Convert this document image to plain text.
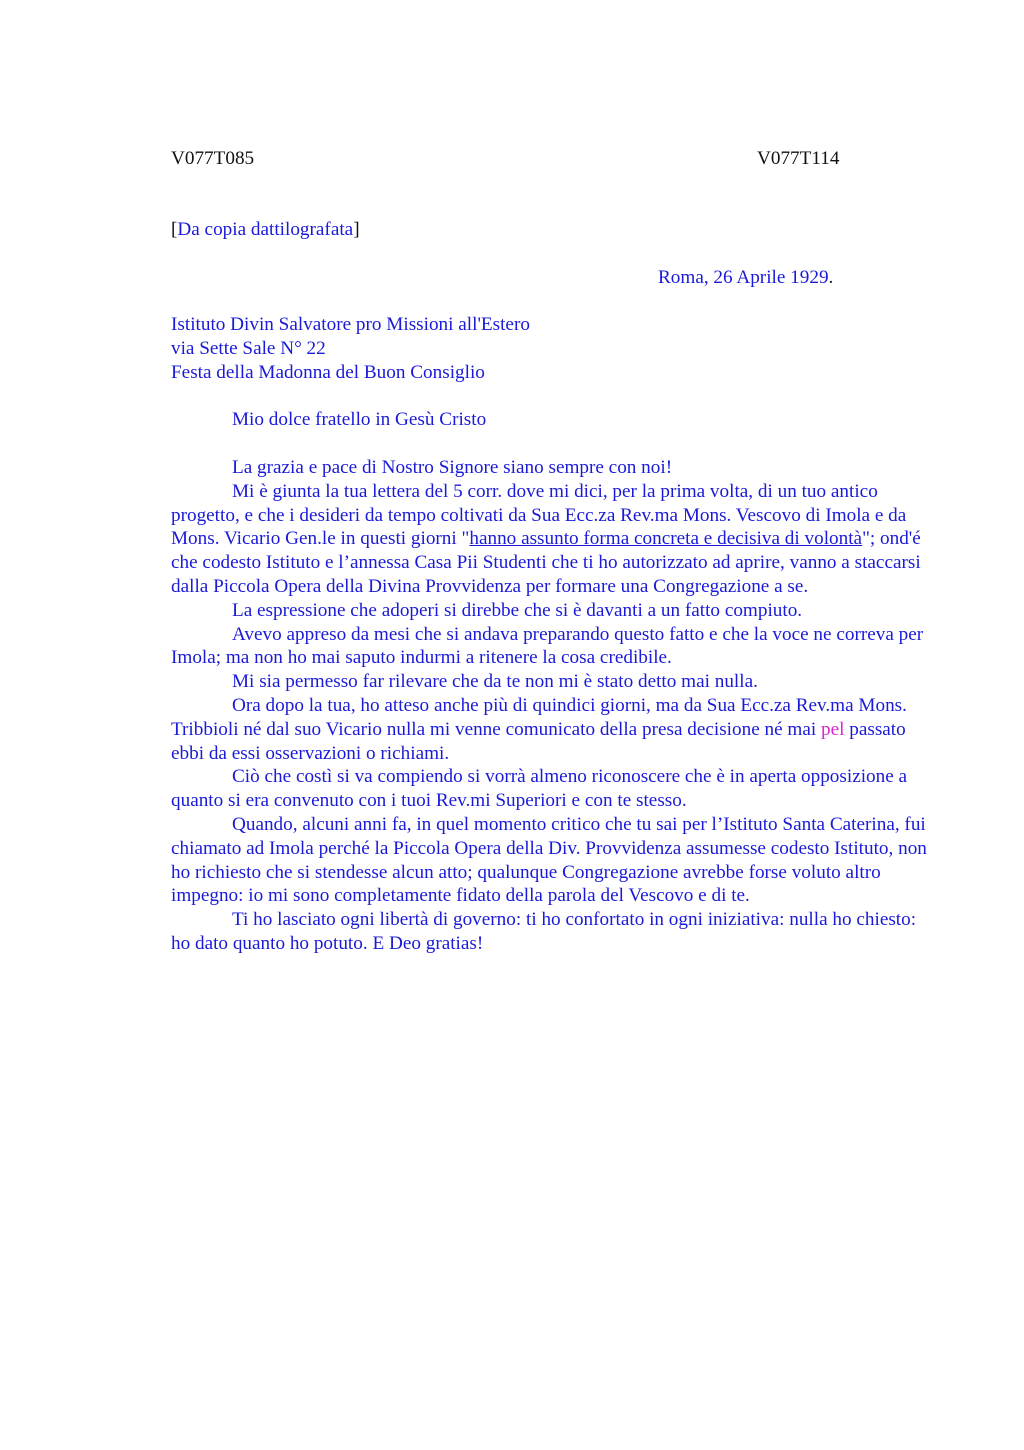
V077T085	V077T114
[Da copia dattilografata]
Roma, 26 Aprile 1929.
Istituto Divin Salvatore pro Missioni all'Estero
via Sette Sale N° 22
Festa della Madonna del Buon Consiglio
Mio dolce fratello in Gesù Cristo

La grazia e pace di Nostro Signore siano sempre con noi!

Mi è giunta la tua lettera del 5 corr. dove mi dici, per la prima volta, di un tuo antico progetto, e che i desideri da tempo coltivati da Sua Ecc.za Rev.ma Mons. Vescovo di Imola e da Mons. Vicario Gen.le in questi giorni "hanno assunto forma concreta e decisiva di volontà"; ond'é che codesto Istituto e l’annessa Casa Pii Studenti che ti ho autorizzato ad aprire, vanno a staccarsi dalla Piccola Opera della Divina Provvidenza per formare una Congregazione a se.

La espressione che adoperi si direbbe che si è davanti a un fatto compiuto.

Avevo appreso da mesi che si andava preparando questo fatto e che la voce ne correva per Imola; ma non ho mai saputo indurmi a ritenere la cosa credibile.

Mi sia permesso far rilevare che da te non mi è stato detto mai nulla.

Ora dopo la tua, ho atteso anche più di quindici giorni, ma da Sua Ecc.za Rev.ma Mons. Tribbioli né dal suo Vicario nulla mi venne comunicato della presa decisione né mai pel passato ebbi da essi osservazioni o richiami.

Ciò che costì si va compiendo si vorrà almeno riconoscere che è in aperta opposizione a quanto si era convenuto con i tuoi Rev.mi Superiori e con te stesso.

Quando, alcuni anni fa, in quel momento critico che tu sai per l’Istituto Santa Caterina, fui chiamato ad Imola perché la Piccola Opera della Div. Provvidenza assumesse codesto Istituto, non ho richiesto che si stendesse alcun atto; qualunque Congregazione avrebbe forse voluto altro impegno: io mi sono completamente fidato della parola del Vescovo e di te.

Ti ho lasciato ogni libertà di governo: ti ho confortato in ogni iniziativa: nulla ho chiesto: ho dato quanto ho potuto. E Deo gratias!
